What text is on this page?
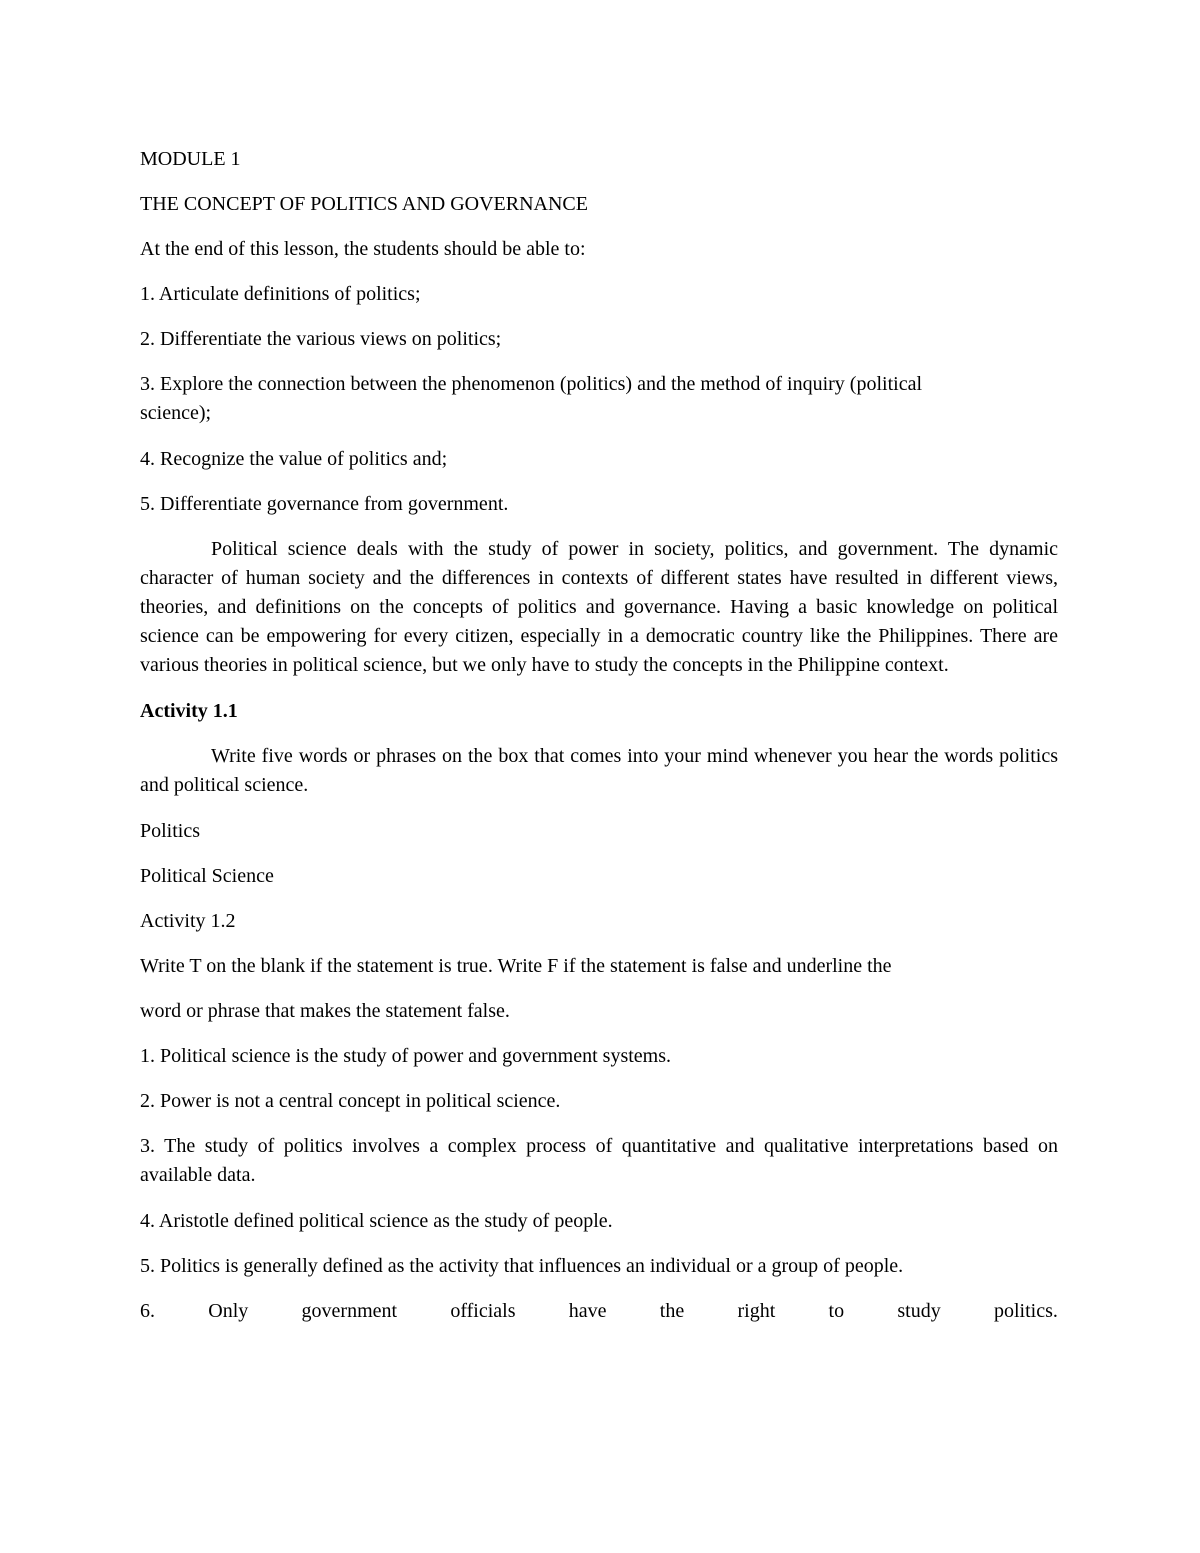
MODULE 1

THE CONCEPT OF POLITICS AND GOVERNANCE

At the end of this lesson, the students should be able to:

1. Articulate definitions of politics;

2. Differentiate the various views on politics;

3. Explore the connection between the phenomenon (politics) and the method of inquiry (political science);

4. Recognize the value of politics and;

5. Differentiate governance from government.

Political science deals with the study of power in society, politics, and government. The dynamic character of human society and the differences in contexts of different states have resulted in different views, theories, and definitions on the concepts of politics and governance. Having a basic knowledge on political science can be empowering for every citizen, especially in a democratic country like the Philippines. There are various theories in political science, but we only have to study the concepts in the Philippine context.

Activity 1.1

Write five words or phrases on the box that comes into your mind whenever you hear the words politics and political science.

Politics

Political Science

Activity 1.2

Write T on the blank if the statement is true. Write F if the statement is false and underline the

word or phrase that makes the statement false.

1. Political science is the study of power and government systems.

2. Power is not a central concept in political science.

3. The study of politics involves a complex process of quantitative and qualitative interpretations based on available data.

4. Aristotle defined political science as the study of people.

5. Politics is generally defined as the activity that influences an individual or a group of people.

6.	Only	government	officials	have	the	right	to	study	politics.
